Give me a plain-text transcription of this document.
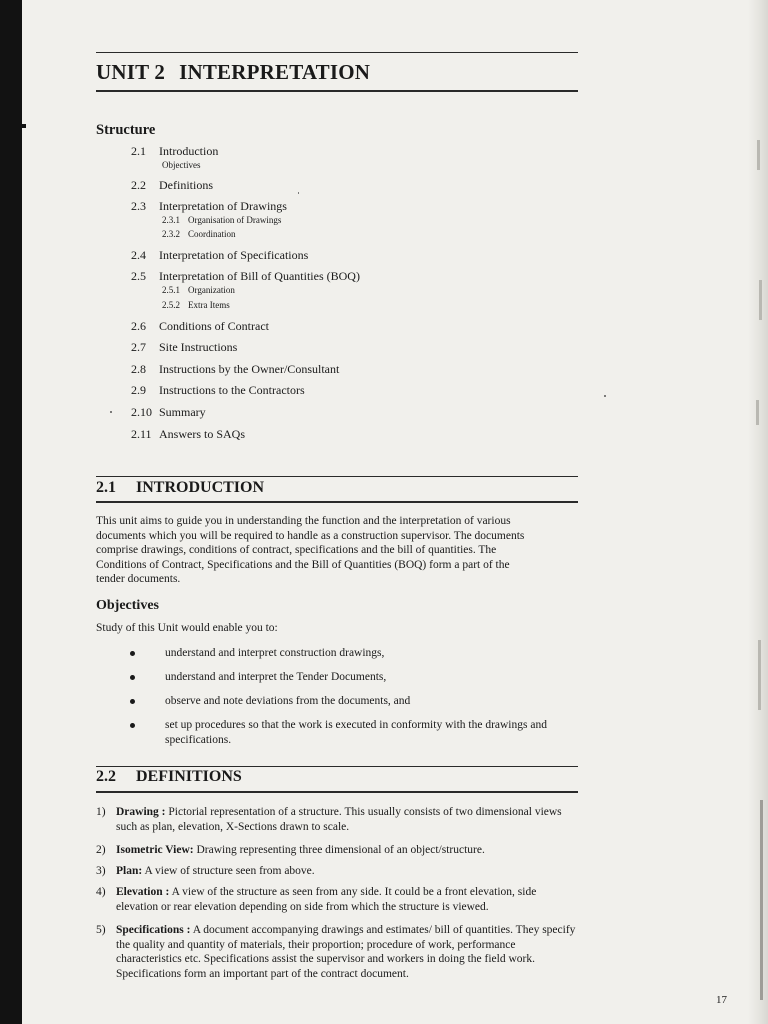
UNIT 2 INTERPRETATION
Structure
2.1 Introduction
Objectives
2.2 Definitions
2.3 Interpretation of Drawings
2.3.1 Organisation of Drawings
2.3.2 Coordination
2.4 Interpretation of Specifications
2.5 Interpretation of Bill of Quantities (BOQ)
2.5.1 Organization
2.5.2 Extra Items
2.6 Conditions of Contract
2.7 Site Instructions
2.8 Instructions by the Owner/Consultant
2.9 Instructions to the Contractors
2.10 Summary
2.11 Answers to SAQs
2.1 INTRODUCTION
This unit aims to guide you in understanding the function and the interpretation of various
documents which you will be required to handle as a construction supervisor. The documents
comprise drawings, conditions of contract, specifications and the bill of quantities. The
Conditions of Contract, Specifications and the Bill of Quantities (BOQ) form a part of the
tender documents.
Objectives
Study of this Unit would enable you to:
understand and interpret construction drawings,
understand and interpret the Tender Documents,
observe and note deviations from the documents, and
set up procedures so that the work is executed in conformity with the drawings and specifications.
2.2 DEFINITIONS
1) Drawing : Pictorial representation of a structure. This usually consists of two dimensional views such as plan, elevation, X-Sections drawn to scale.
2) Isometric View: Drawing representing three dimensional of an object/structure.
3) Plan: A view of structure seen from above.
4) Elevation : A view of the structure as seen from any side. It could be a front elevation, side elevation or rear elevation depending on side from which the structure is viewed.
5) Specifications : A document accompanying drawings and estimates/ bill of quantities. They specify the quality and quantity of materials, their proportion; procedure of work, performance characteristics etc. Specifications assist the supervisor and workers in doing the field work. Specifications form an important part of the contract document.
17
